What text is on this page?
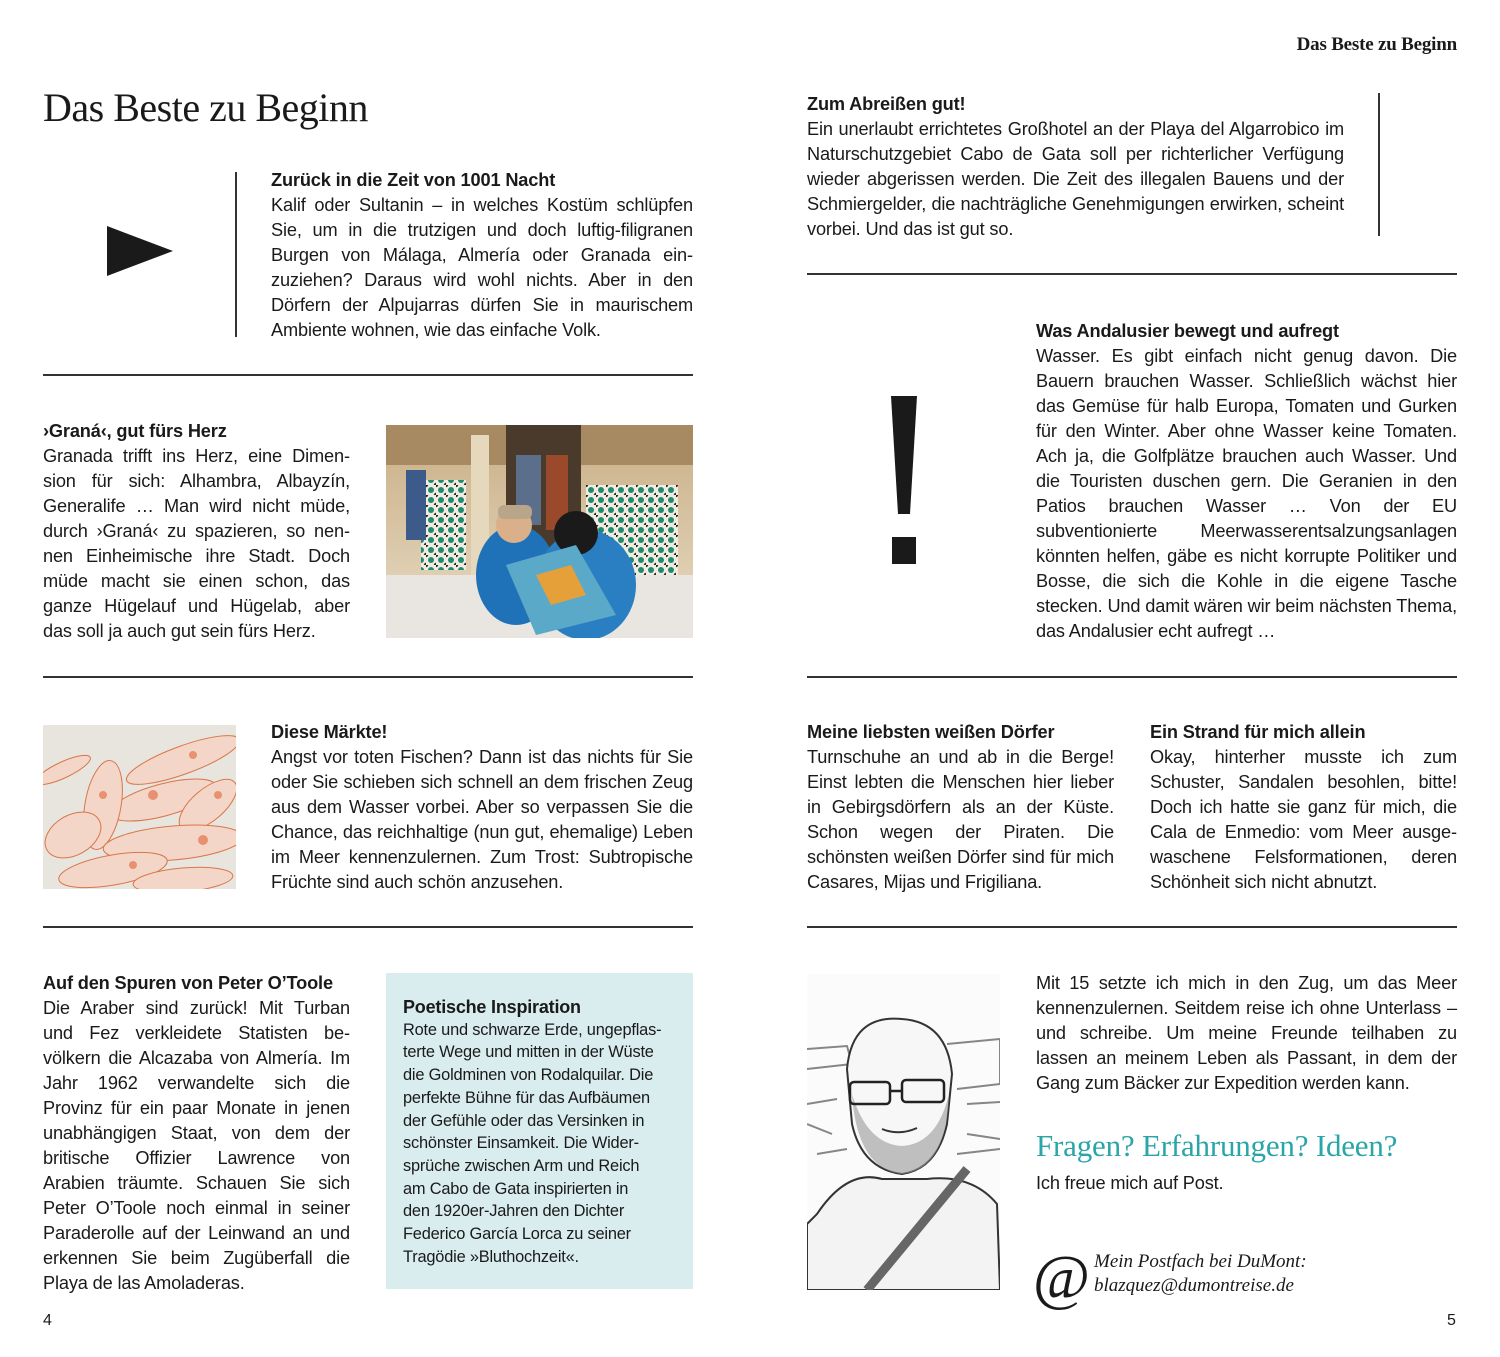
Das Beste zu Beginn
Das Beste zu Beginn
Zurück in die Zeit von 1001 Nacht
Kalif oder Sultanin – in welches Kostüm schlüpfen Sie, um in die trutzigen und doch luftig-filigranen Burgen von Málaga, Almería oder Granada einzuziehen? Daraus wird wohl nichts. Aber in den Dörfern der Alpujarras dürfen Sie in maurischem Ambiente wohnen, wie das einfache Volk.
›Graná‹, gut fürs Herz
Granada trifft ins Herz, eine Dimension für sich: Alhambra, Albayzín, Generalife … Man wird nicht müde, durch ›Graná‹ zu spazieren, so nennen Einheimische ihre Stadt. Doch müde macht sie einen schon, das ganze Hügelauf und Hügelab, aber das soll ja auch gut sein fürs Herz.
Diese Märkte!
Angst vor toten Fischen? Dann ist das nichts für Sie oder Sie schieben sich schnell an dem frischen Zeug aus dem Wasser vorbei. Aber so verpassen Sie die Chance, das reichhaltige (nun gut, ehemalige) Leben im Meer kennenzulernen. Zum Trost: Subtropische Früchte sind auch schön anzusehen.
Auf den Spuren von Peter O’Toole
Die Araber sind zurück! Mit Turban und Fez verkleidete Statisten bevölkern die Alcazaba von Almería. Im Jahr 1962 verwandelte sich die Provinz für ein paar Monate in jenen unabhängigen Staat, von dem der britische Offizier Lawrence von Arabien träumte. Schauen Sie sich Peter O’Toole noch einmal in seiner Paraderolle auf der Leinwand an und erkennen Sie beim Zugüberfall die Playa de las Amoladeras.
Poetische Inspiration
Rote und schwarze Erde, ungepflas-
terte Wege und mitten in der Wüste
die Goldminen von Rodalquilar. Die
perfekte Bühne für das Aufbäumen
der Gefühle oder das Versinken in
schönster Einsamkeit. Die Wider-
sprüche zwischen Arm und Reich
am Cabo de Gata inspirierten in
den 1920er-Jahren den Dichter
Federico García Lorca zu seiner
Tragödie »Bluthochzeit«.
4
Zum Abreißen gut!
Ein unerlaubt errichtetes Großhotel an der Playa del Algarrobico im Naturschutzgebiet Cabo de Gata soll per richterlicher Verfügung wieder abgerissen werden. Die Zeit des illegalen Bauens und der Schmiergelder, die nachträgliche Genehmigungen erwirken, scheint vorbei. Und das ist gut so.
Was Andalusier bewegt und aufregt
Wasser. Es gibt einfach nicht genug davon. Die Bauern brauchen Wasser. Schließlich wächst hier das Gemüse für halb Europa, Tomaten und Gurken für den Winter. Aber ohne Wasser keine Tomaten. Ach ja, die Golfplätze brauchen auch Wasser. Und die Touristen duschen gern. Die Geranien in den Patios brauchen Wasser … Von der EU subventionierte Meerwasserentsalzungsanlagen könnten helfen, gäbe es nicht korrupte Politiker und Bosse, die sich die Kohle in die eigene Tasche stecken. Und damit wären wir beim nächsten Thema, das Andalusier echt aufregt …
Meine liebsten weißen Dörfer
Turnschuhe an und ab in die Berge! Einst lebten die Menschen hier lieber in Gebirgsdörfern als an der Küste. Schon wegen der Piraten. Die schönsten weißen Dörfer sind für mich Casares, Mijas und Frigiliana.
Ein Strand für mich allein
Okay, hinterher musste ich zum Schuster, Sandalen besohlen, bitte! Doch ich hatte sie ganz für mich, die Cala de Enmedio: vom Meer ausgewaschene Felsformationen, deren Schönheit sich nicht abnutzt.
Mit 15 setzte ich mich in den Zug, um das Meer kennenzulernen. Seitdem reise ich ohne Unterlass – und schreibe. Um meine Freunde teilhaben zu lassen an meinem Leben als Passant, in dem der Gang zum Bäcker zur Expedition werden kann.
Fragen? Erfahrungen? Ideen?
Ich freue mich auf Post.
@ Mein Postfach bei DuMont:
blazquez@dumontreise.de
5
